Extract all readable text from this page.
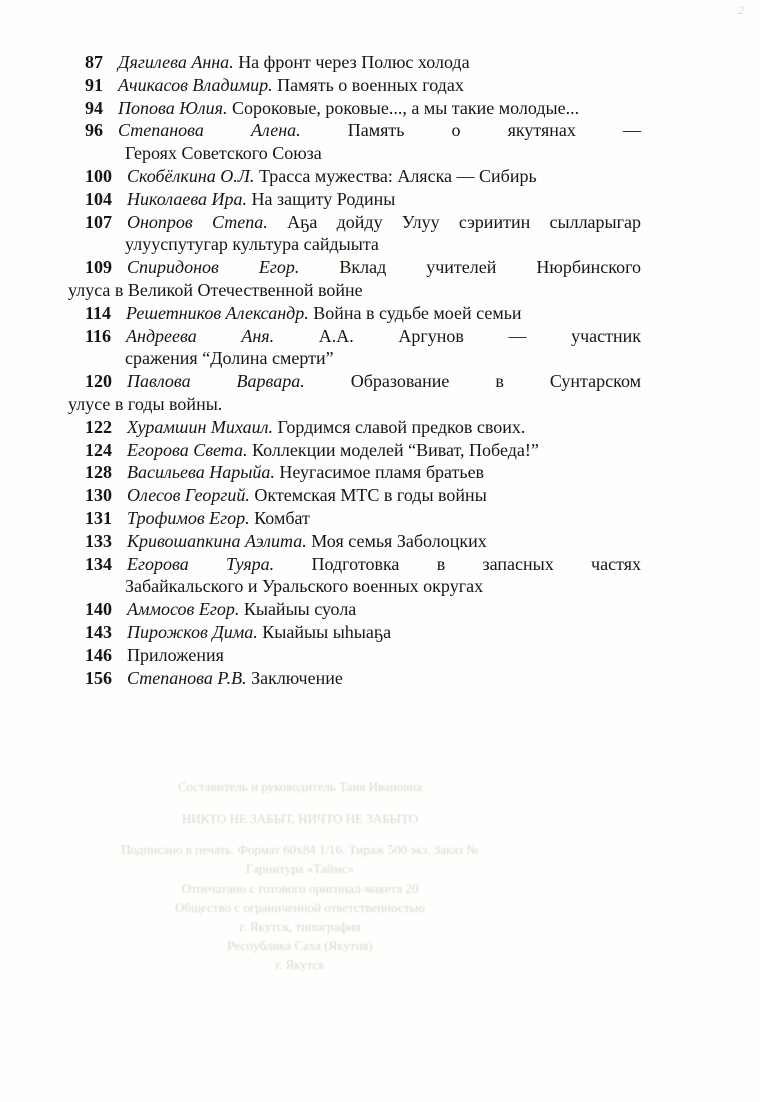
2
87 Дягилева Анна. На фронт через Полюс холода
91 Ачикасов Владимир. Память о военных годах
94 Попова Юлия. Сороковые, роковые..., а мы такие молодые...
96 Степанова Алена.	Память о якутянах —
Героях Советского Союза
100 Скобёлкина О.Л. Трасса мужества: Аляска — Сибирь
104 Николаева Ира. На защиту Родины
107 Онопров Степа. Аҕа дойду Улуу сэриитин сылларыгар
улууспутугар культура сайдыыта
109 Спиридонов Егор. Вклад учителей Нюрбинского
улуса в Великой Отечественной войне
114 Решетников Александр. Война в судьбе моей семьи
116 Андреева Аня. А.А. Аргунов — участник
сражения “Долина смерти”
120 Павлова Варвара.	Образование в Сунтарском
улусе в годы войны.
122 Хурамшин Михаил. Гордимся славой предков своих.
124 Егорова Света. Коллекции моделей “Виват, Победа!”
128 Васильева Нарыйа. Неугасимое пламя братьев
130 Олесов Георгий. Октемская МТС в годы войны
131 Трофимов Егор. Комбат
133 Кривошапкина Аэлита. Моя семья Заболоцких
134 Егорова Туяра. Подготовка в запасных частях
Забайкальского и Уральского военных округах
140 Аммосов Егор. Кыайыы суола
143 Пирожков Дима. Кыайыы ыһыаҕа
146 Приложения
156 Степанова Р.В. Заключение
Составитель и руководитель Таня Ивановна
НИКТО НЕ ЗАБЫТ, НИЧТО НЕ ЗАБЫТО
Подписано в печать. Формат 60х84 1/16. Тираж 500 экз. Заказ №
Гарнитура «Таймс»
Отпечатано с готового оригинал-макета 20
Общество с ограниченной ответственностью
г. Якутск, типография
Республика Саха (Якутия)
г. Якутск
